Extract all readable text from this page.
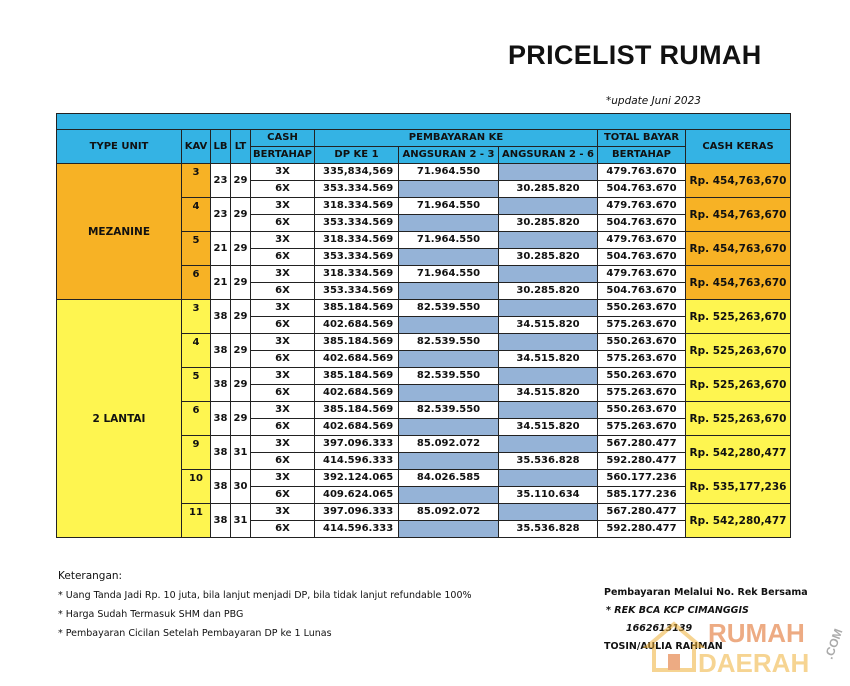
PRICELIST RUMAH
*update Juni 2023

TYPE UNIT	KAV	LB	LT	CASH	PEMBAYARAN KE			TOTAL BAYAR	CASH KERAS
				BERTAHAP	DP KE 1	ANGSURAN 2 - 3	ANGSURAN 2 - 6	BERTAHAP	
MEZANINE	3	23	29	3X	335,834,569	71.964.550		479.763.670	Rp. 454,763,670
				6X	353.334.569		30.285.820	504.763.670	
	4	23	29	3X	318.334.569	71.964.550		479.763.670	Rp. 454,763,670
				6X	353.334.569		30.285.820	504.763.670	
	5	21	29	3X	318.334.569	71.964.550		479.763.670	Rp. 454,763,670
				6X	353.334.569		30.285.820	504.763.670	
	6	21	29	3X	318.334.569	71.964.550		479.763.670	Rp. 454,763,670
				6X	353.334.569		30.285.820	504.763.670	
2 LANTAI	3	38	29	3X	385.184.569	82.539.550		550.263.670	Rp. 525,263,670
				6X	402.684.569		34.515.820	575.263.670	
	4	38	29	3X	385.184.569	82.539.550		550.263.670	Rp. 525,263,670
				6X	402.684.569		34.515.820	575.263.670	
	5	38	29	3X	385.184.569	82.539.550		550.263.670	Rp. 525,263,670
				6X	402.684.569		34.515.820	575.263.670	
	6	38	29	3X	385.184.569	82.539.550		550.263.670	Rp. 525,263,670
				6X	402.684.569		34.515.820	575.263.670	
	9	38	31	3X	397.096.333	85.092.072		567.280.477	Rp. 542,280,477
				6X	414.596.333		35.536.828	592.280.477	
	10	38	30	3X	392.124.065	84.026.585		560.177.236	Rp. 535,177,236
				6X	409.624.065		35.110.634	585.177.236	
	11	38	31	3X	397.096.333	85.092.072		567.280.477	Rp. 542,280,477
				6X	414.596.333		35.536.828	592.280.477	
Keterangan:
* Uang Tanda Jadi Rp. 10 juta, bila lanjut menjadi DP, bila tidak lanjut refundable 100%
* Harga Sudah Termasuk SHM dan PBG
* Pembayaran Cicilan Setelah Pembayaran DP ke 1 Lunas
Pembayaran Melalui No. Rek Bersama
* REK BCA KCP CIMANGGIS
1662613139
TOSIN/AULIA RAHMAN
RUMAH
DAERAH
.COM
